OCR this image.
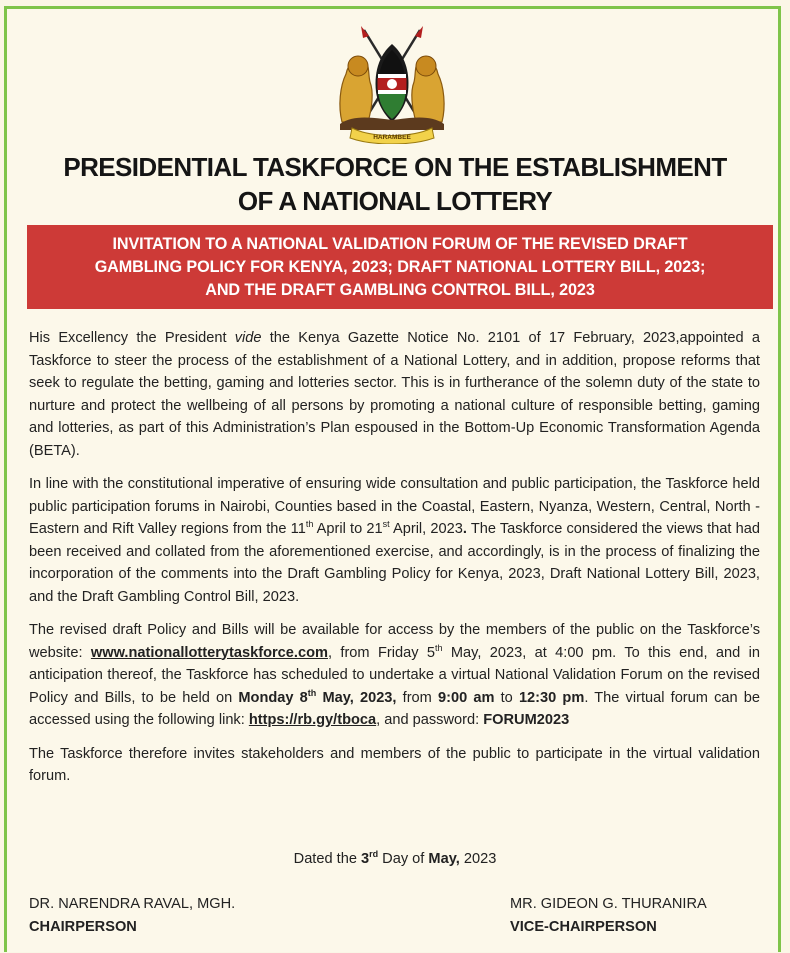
HARAMBEE
PRESIDENTIAL TASKFORCE ON THE ESTABLISHMENT
OF A NATIONAL LOTTERY
INVITATION TO A NATIONAL VALIDATION FORUM OF THE REVISED DRAFT
GAMBLING POLICY FOR KENYA, 2023; DRAFT NATIONAL LOTTERY BILL, 2023;
AND THE DRAFT GAMBLING CONTROL BILL, 2023

His Excellency the President vide the Kenya Gazette Notice No. 2101 of 17 February, 2023,appointed a Taskforce to steer the process of the establishment of a National Lottery, and in addition, propose reforms that seek to regulate the betting, gaming and lotteries sector. This is in furtherance of the solemn duty of the state to nurture and protect the wellbeing of all persons by promoting a national culture of responsible betting, gaming and lotteries, as part of this Administration’s Plan espoused in the Bottom-Up Economic Transformation Agenda (BETA).

In line with the constitutional imperative of ensuring wide consultation and public participation, the Taskforce held public participation forums in Nairobi, Counties based in the Coastal, Eastern, Nyanza, Western, Central, North -Eastern and Rift Valley regions from the 11th April to 21st April, 2023. The Taskforce considered the views that had been received and collated from the aforementioned exercise, and accordingly, is in the process of finalizing the incorporation of the comments into the Draft Gambling Policy for Kenya, 2023, Draft National Lottery Bill, 2023, and the Draft Gambling Control Bill, 2023.

The revised draft Policy and Bills will be available for access by the members of the public on the Taskforce’s website: www.nationallotterytaskforce.com, from Friday 5th May, 2023, at 4:00 pm. To this end, and in anticipation thereof, the Taskforce has scheduled to undertake a virtual National Validation Forum on the revised Policy and Bills, to be held on Monday 8th May, 2023, from 9:00 am to 12:30 pm. The virtual forum can be accessed using the following link: https://rb.gy/tboca, and password: FORUM2023

The Taskforce therefore invites stakeholders and members of the public to participate in the virtual validation forum.

Dated the 3rd Day of May, 2023
DR. NARENDRA RAVAL, MGH.
CHAIRPERSON
MR. GIDEON G. THURANIRA
VICE-CHAIRPERSON
